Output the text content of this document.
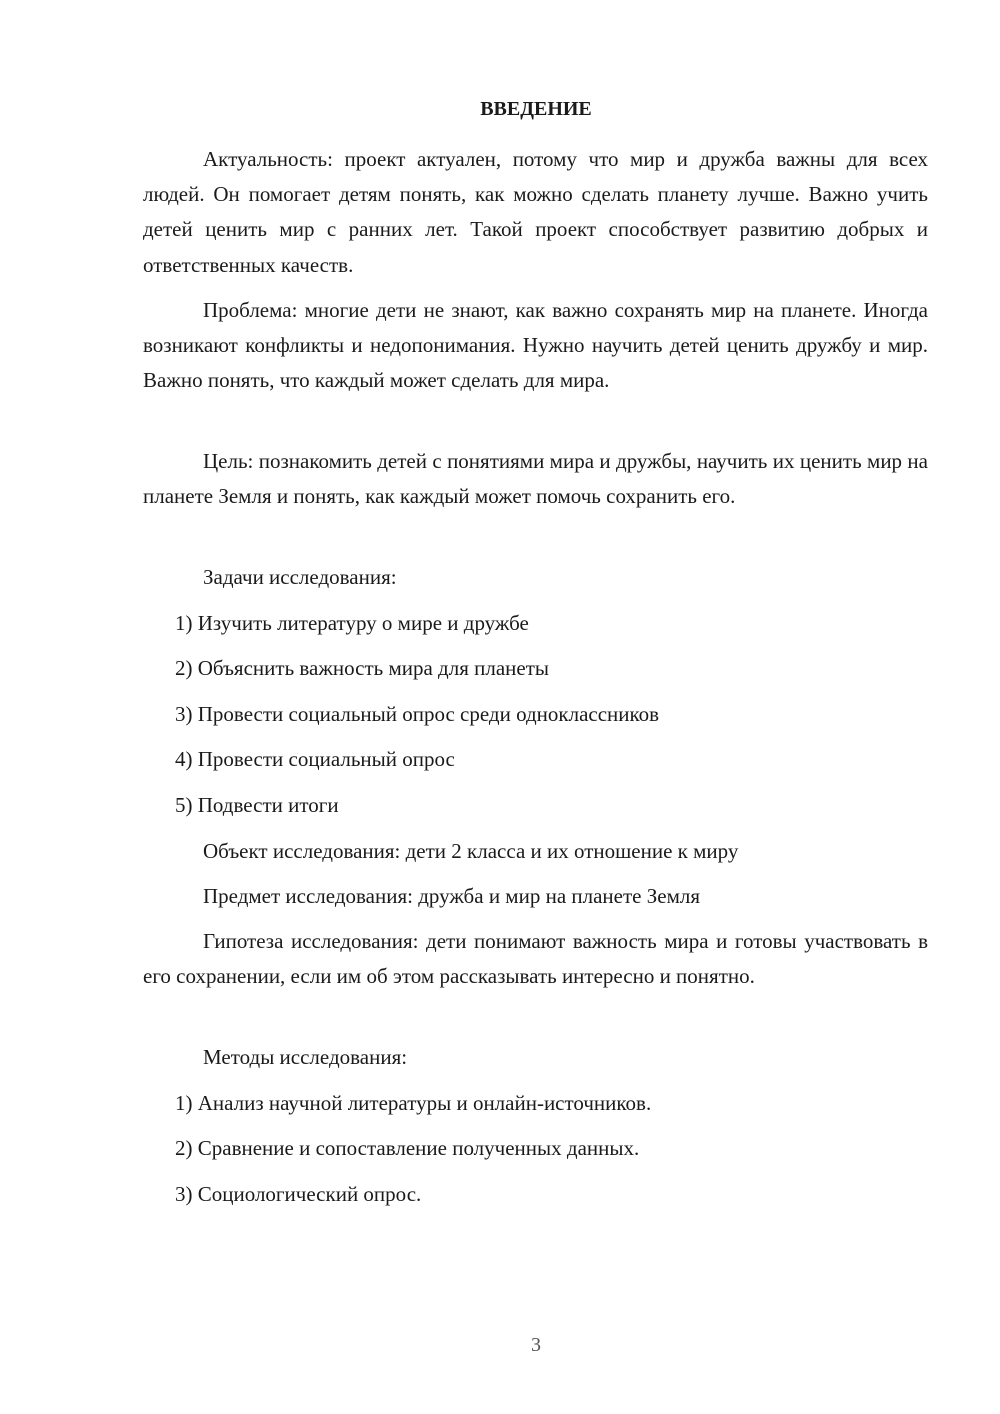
ВВЕДЕНИЕ

Актуальность: проект актуален, потому что мир и дружба важны для всех людей. Он помогает детям понять, как можно сделать планету лучше. Важно учить детей ценить мир с ранних лет. Такой проект способствует развитию добрых и ответственных качеств.

Проблема: многие дети не знают, как важно сохранять мир на планете. Иногда возникают конфликты и недопонимания. Нужно научить детей ценить дружбу и мир. Важно понять, что каждый может сделать для мира.

Цель: познакомить детей с понятиями мира и дружбы, научить их ценить мир на планете Земля и понять, как каждый может помочь сохранить его.

Задачи исследования:
1) Изучить литературу о мире и дружбе
2) Объяснить важность мира для планеты
3) Провести социальный опрос среди одноклассников
4) Провести социальный опрос
5) Подвести итоги
Объект исследования: дети 2 класса и их отношение к миру
Предмет исследования: дружба и мир на планете Земля

Гипотеза исследования: дети понимают важность мира и готовы участвовать в его сохранении, если им об этом рассказывать интересно и понятно.

Методы исследования:
1) Анализ научной литературы и онлайн-источников.
2) Сравнение и сопоставление полученных данных.
3) Социологический опрос.
3
